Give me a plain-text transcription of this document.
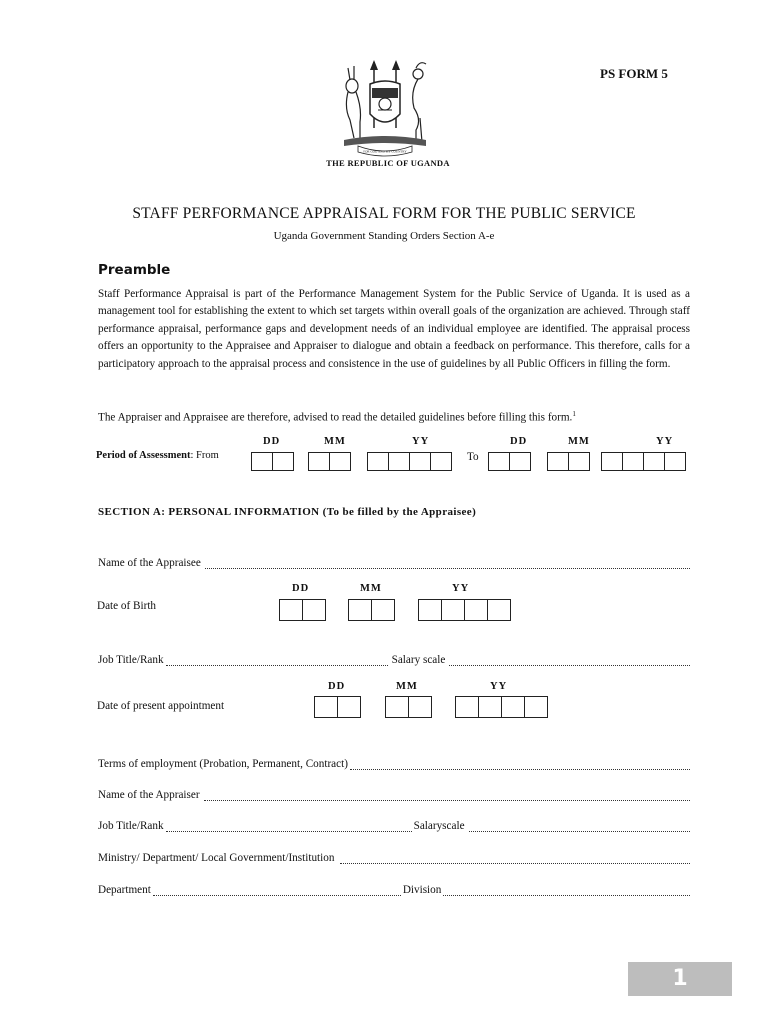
PS FORM 5
FOR GOD AND MY COUNTRY
THE REPUBLIC OF UGANDA
STAFF PERFORMANCE APPRAISAL FORM FOR THE PUBLIC SERVICE
Uganda Government Standing Orders Section A-e
Preamble
Staff Performance Appraisal is part of the Performance Management System for the Public Service of Uganda. It is used as a management tool for establishing the extent to which set targets within overall goals of the organization are achieved. Through staff performance appraisal, performance gaps and development needs of an individual employee are identified. The appraisal process offers an opportunity to the Appraisee and Appraiser to dialogue and obtain a feedback on performance. This therefore, calls for a participatory approach to the appraisal process and consistence in the use of guidelines by all Public Officers in filling the form.
The Appraiser and Appraisee are therefore, advised to read the detailed guidelines before filling this form.$^1$
DD	MM	YY	DD	MM	YY
Period of Assessment: From	To
SECTION A: PERSONAL INFORMATION (To be filled by the Appraisee)
Name of the Appraisee
DD	MM	YY
Date of Birth
Job Title/Rank	Salary scale
DD	MM	YY
Date of present appointment
Terms of employment (Probation, Permanent, Contract)
Name of the Appraiser
Job Title/Rank	Salaryscale
Ministry/ Department/ Local Government/Institution
Department	Division
1
